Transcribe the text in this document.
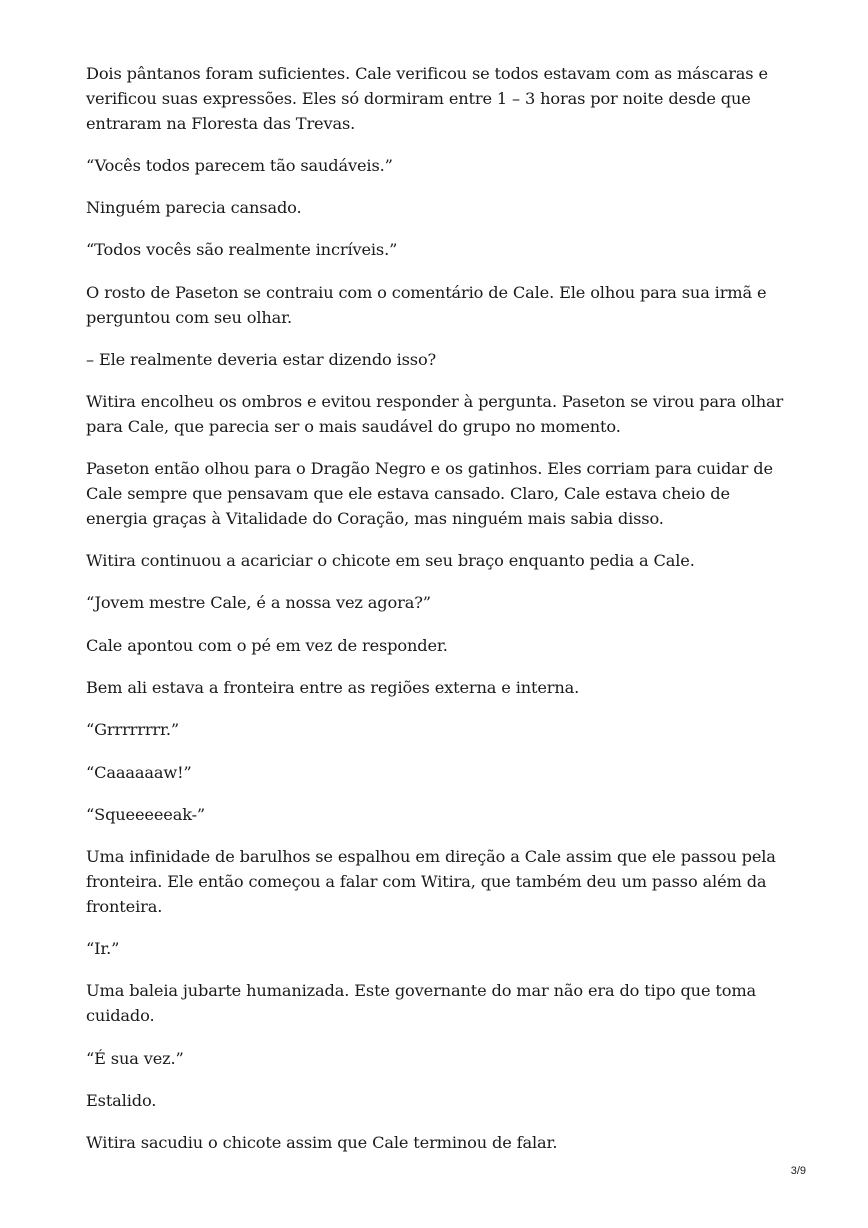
Dois pântanos foram suficientes. Cale verificou se todos estavam com as máscaras e verificou suas expressões. Eles só dormiram entre 1 – 3 horas por noite desde que entraram na Floresta das Trevas.

“Vocês todos parecem tão saudáveis.”

Ninguém parecia cansado.

“Todos vocês são realmente incríveis.”

O rosto de Paseton se contraiu com o comentário de Cale. Ele olhou para sua irmã e perguntou com seu olhar.

– Ele realmente deveria estar dizendo isso?

Witira encolheu os ombros e evitou responder à pergunta. Paseton se virou para olhar para Cale, que parecia ser o mais saudável do grupo no momento.

Paseton então olhou para o Dragão Negro e os gatinhos. Eles corriam para cuidar de Cale sempre que pensavam que ele estava cansado. Claro, Cale estava cheio de energia graças à Vitalidade do Coração, mas ninguém mais sabia disso.

Witira continuou a acariciar o chicote em seu braço enquanto pedia a Cale.

“Jovem mestre Cale, é a nossa vez agora?”

Cale apontou com o pé em vez de responder.

Bem ali estava a fronteira entre as regiões externa e interna.

“Grrrrrrrr.”

“Caaaaaaw!”

“Squeeeeeak-”

Uma infinidade de barulhos se espalhou em direção a Cale assim que ele passou pela fronteira. Ele então começou a falar com Witira, que também deu um passo além da fronteira.

“Ir.”

Uma baleia jubarte humanizada. Este governante do mar não era do tipo que toma cuidado.

“É sua vez.”

Estalido.

Witira sacudiu o chicote assim que Cale terminou de falar.

3/9
